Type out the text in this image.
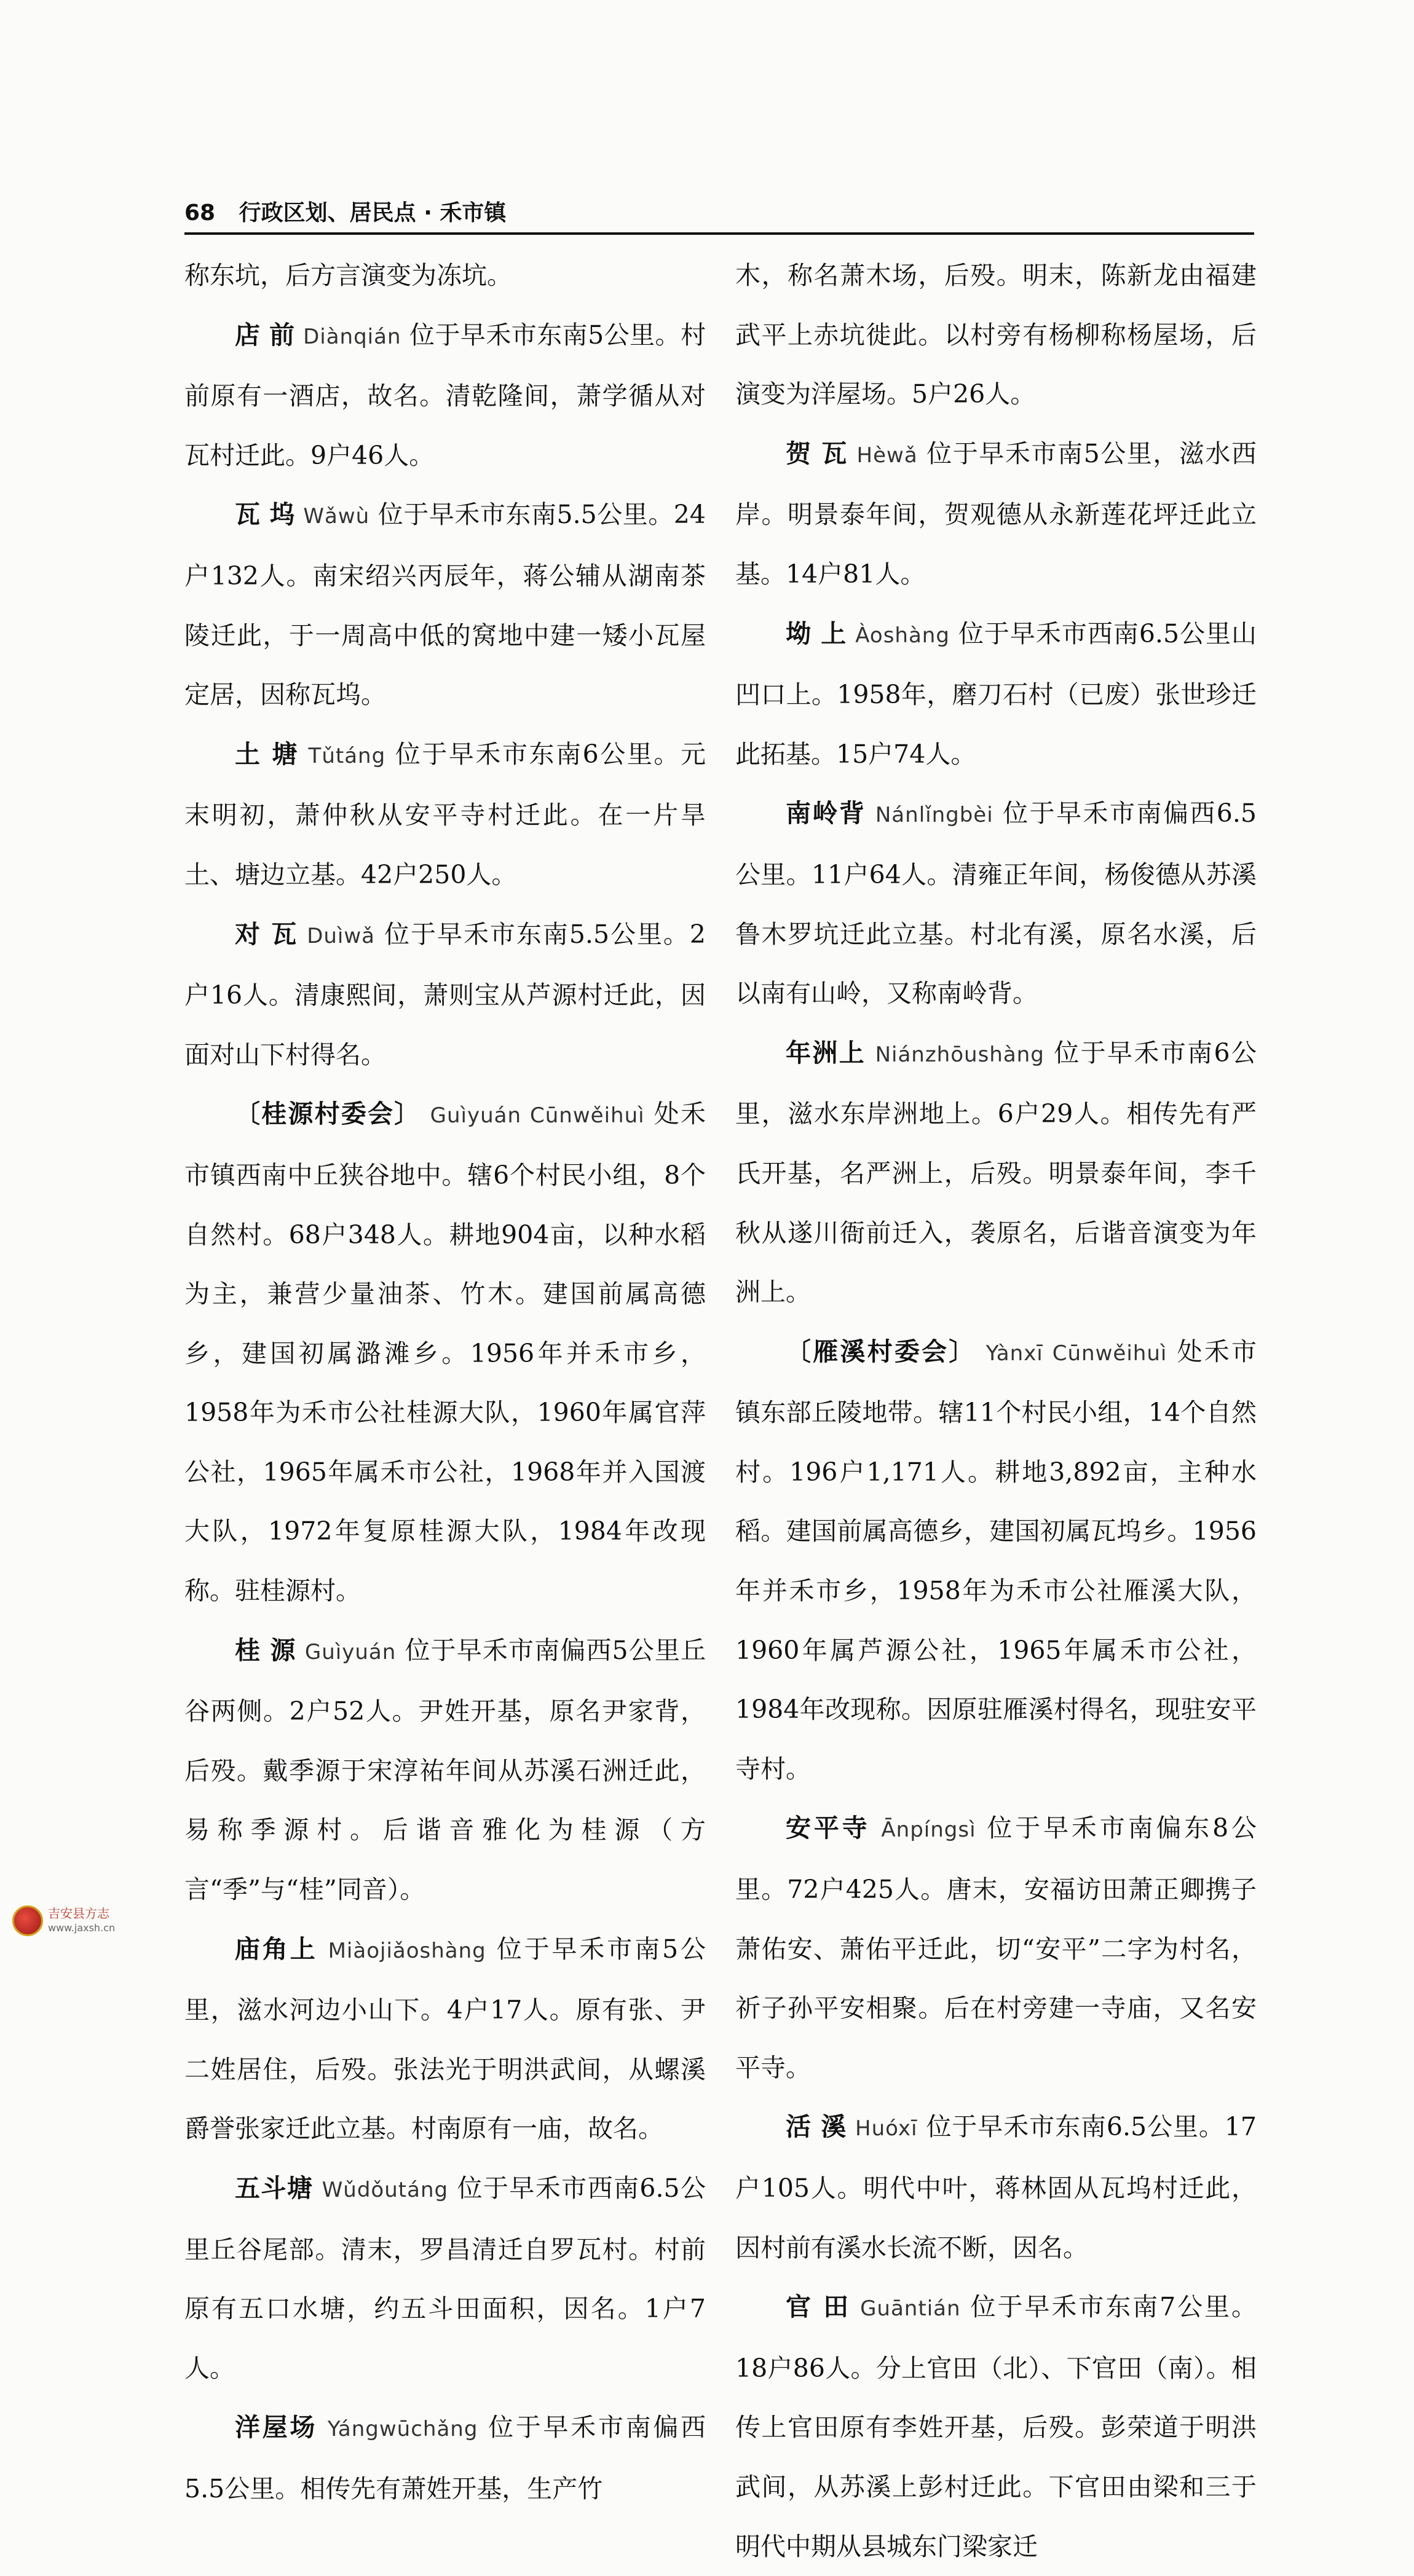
68 行政区划、居民点 · 禾市镇

称东坑，后方言演变为冻坑。

店 前 Diànqián 位于早禾市东南5公里。村前原有一酒店，故名。清乾隆间，萧学循从对瓦村迁此。9户46人。

瓦 坞 Wǎwù 位于早禾市东南5.5公里。24户132人。南宋绍兴丙辰年，蒋公辅从湖南茶陵迁此，于一周高中低的窝地中建一矮小瓦屋定居，因称瓦坞。

土 塘 Tǔtáng 位于早禾市东南6公里。元末明初，萧仲秋从安平寺村迁此。在一片旱土、塘边立基。42户250人。

对 瓦 Duìwǎ 位于早禾市东南5.5公里。2户16人。清康熙间，萧则宝从芦源村迁此，因面对山下村得名。

〔桂源村委会〕 Guìyuán Cūnwěihuì 处禾市镇西南中丘狭谷地中。辖6个村民小组，8个自然村。68户348人。耕地904亩，以种水稻为主，兼营少量油茶、竹木。建国前属高德乡，建国初属潞滩乡。1956年并禾市乡，1958年为禾市公社桂源大队，1960年属官萍公社，1965年属禾市公社，1968年并入国渡大队，1972年复原桂源大队，1984年改现称。驻桂源村。

桂 源 Guìyuán 位于早禾市南偏西5公里丘谷两侧。2户52人。尹姓开基，原名尹家背，后殁。戴季源于宋淳祐年间从苏溪石洲迁此，易称季源村。后谐音雅化为桂源（方言“季”与“桂”同音）。

庙角上 Miàojiǎoshàng 位于早禾市南5公里，滋水河边小山下。4户17人。原有张、尹二姓居住，后殁。张法光于明洪武间，从螺溪爵誉张家迁此立基。村南原有一庙，故名。

五斗塘 Wǔdǒutáng 位于早禾市西南6.5公里丘谷尾部。清末，罗昌清迁自罗瓦村。村前原有五口水塘，约五斗田面积，因名。1户7人。

洋屋场 Yángwūchǎng 位于早禾市南偏西5.5公里。相传先有萧姓开基，生产竹

木，称名萧木场，后殁。明末，陈新龙由福建武平上赤坑徙此。以村旁有杨柳称杨屋场，后演变为洋屋场。5户26人。

贺 瓦 Hèwǎ 位于早禾市南5公里，滋水西岸。明景泰年间，贺观德从永新莲花坪迁此立基。14户81人。

坳 上 Àoshàng 位于早禾市西南6.5公里山凹口上。1958年，磨刀石村（已废）张世珍迁此拓基。15户74人。

南岭背 Nánlǐngbèi 位于早禾市南偏西6.5公里。11户64人。清雍正年间，杨俊德从苏溪鲁木罗坑迁此立基。村北有溪，原名水溪，后以南有山岭，又称南岭背。

年洲上 Niánzhōushàng 位于早禾市南6公里，滋水东岸洲地上。6户29人。相传先有严氏开基，名严洲上，后殁。明景泰年间，李千秋从遂川衙前迁入，袭原名，后谐音演变为年洲上。

〔雁溪村委会〕 Yànxī Cūnwěihuì 处禾市镇东部丘陵地带。辖11个村民小组，14个自然村。196户1,171人。耕地3,892亩，主种水稻。建国前属高德乡，建国初属瓦坞乡。1956年并禾市乡，1958年为禾市公社雁溪大队，1960年属芦源公社，1965年属禾市公社，1984年改现称。因原驻雁溪村得名，现驻安平寺村。

安平寺 Ānpíngsì 位于早禾市南偏东8公里。72户425人。唐末，安福访田萧正卿携子萧佑安、萧佑平迁此，切“安平”二字为村名，祈子孙平安相聚。后在村旁建一寺庙，又名安平寺。

活 溪 Huóxī 位于早禾市东南6.5公里。17户105人。明代中叶，蒋林固从瓦坞村迁此，因村前有溪水长流不断，因名。

官 田 Guāntián 位于早禾市东南7公里。18户86人。分上官田（北）、下官田（南）。相传上官田原有李姓开基，后殁。彭荣道于明洪武间，从苏溪上彭村迁此。下官田由梁和三于明代中期从县城东门梁家迁

吉安县方志
www.jaxsh.cn
